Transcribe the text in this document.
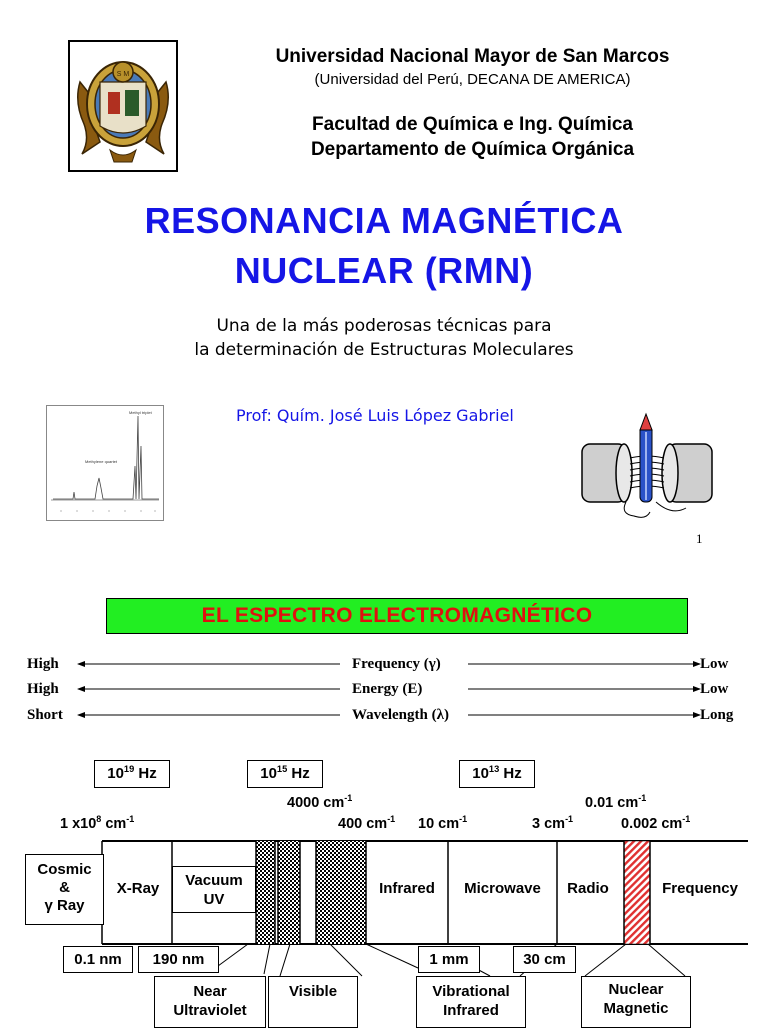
S M
Universidad Nacional Mayor de San Marcos
(Universidad del Perú, DECANA DE AMERICA)
Facultad de Química e Ing. Química
Departamento de Química Orgánica
RESONANCIA MAGNÉTICA
NUCLEAR (RMN)
Una de la más poderosas técnicas para
la determinación de Estructuras Moleculares
Prof: Quím. José Luis López Gabriel
Methyl triplet
Methylene quartet
1
EL ESPECTRO ELECTROMAGNÉTICO
High	Frequency (γ)	Low
High	Energy (E)	Low
Short	Wavelength (λ)	Long
$10^{19}$ Hz	$10^{15}$ Hz	$10^{13}$ Hz
1 $x10^8$ $cm^{-1}$
4000 $cm^{-1}$
400 $cm^{-1}$ 10 $cm^{-1}$	3 $cm^{-1}$
0.01 $cm^{-1}$
0.002 $cm^{-1}$
Cosmic
&
γ Ray
X-Ray	Vacuum
UV
Infrared	Microwave	Radio	Frequency
0.1 nm	190 nm	1 mm	30 cm
Near
Ultraviolet
Visible	Vibrational
Infrared
Nuclear
Magnetic
